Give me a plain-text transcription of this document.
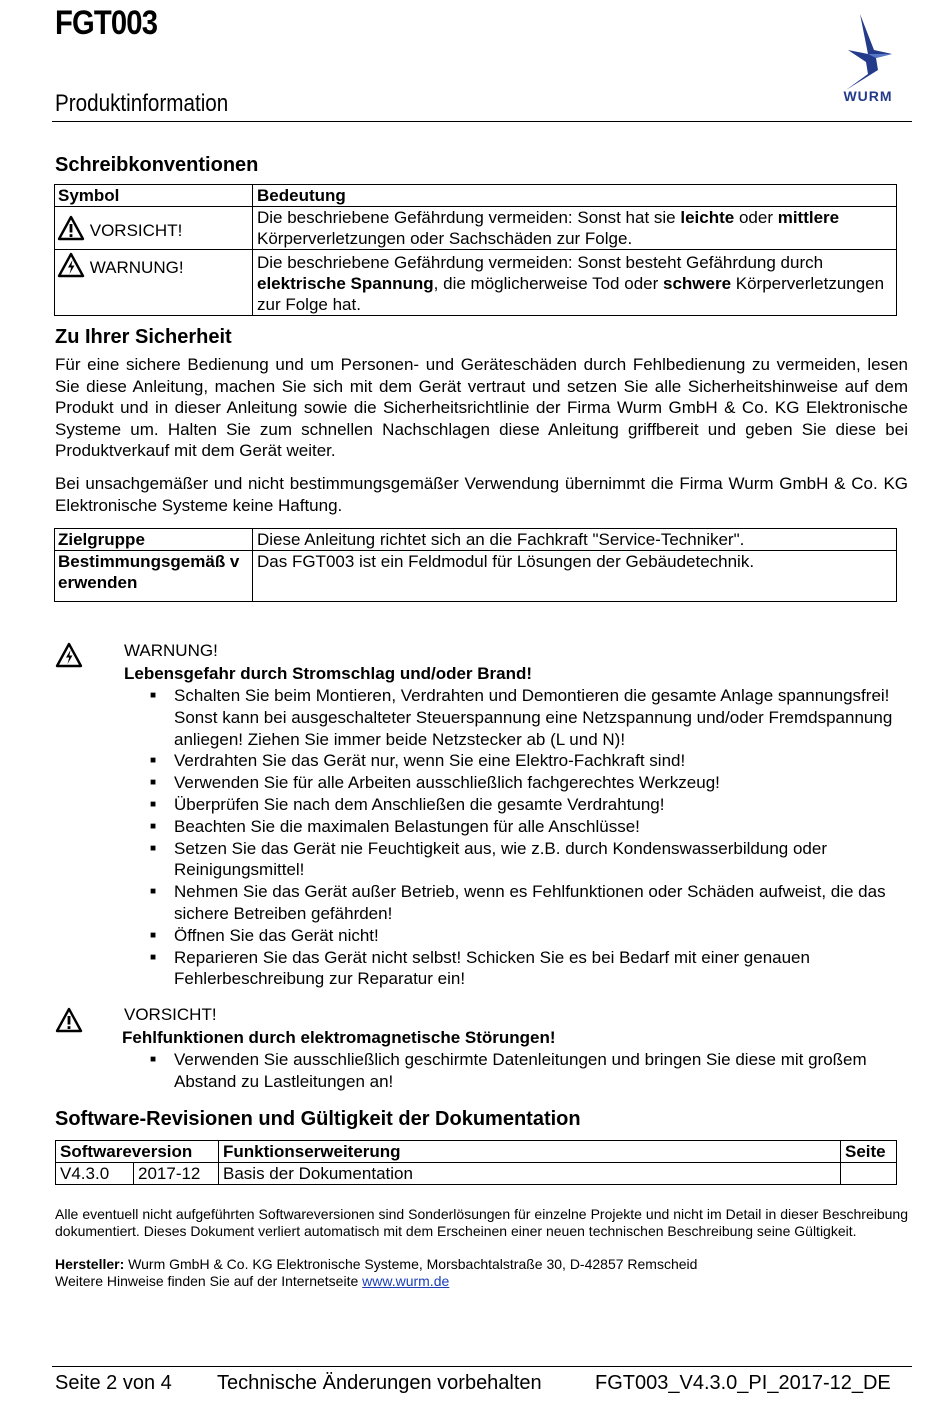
FGT003
Produktinformation	WURM
Schreibkonventionen
Symbol	Bedeutung
VORSICHT!	Die beschriebene Gefährdung vermeiden: Sonst hat sie leichte oder mittlere Körperverletzungen oder Sachschäden zur Folge.
WARNUNG!	Die beschriebene Gefährdung vermeiden: Sonst besteht Gefährdung durch elektrische Spannung, die möglicherweise Tod oder schwere Körperverletzungen zur Folge hat.
Zu Ihrer Sicherheit

Für eine sichere Bedienung und um Personen- und Geräteschäden durch Fehlbedienung zu vermeiden, lesen Sie diese Anleitung, machen Sie sich mit dem Gerät vertraut und setzen Sie alle Sicherheitshinweise auf dem Produkt und in dieser Anleitung sowie die Sicherheitsrichtlinie der Firma Wurm GmbH & Co. KG Elektronische Systeme um. Halten Sie zum schnellen Nachschlagen diese Anleitung griffbereit und geben Sie diese bei Produktverkauf mit dem Gerät weiter.

Bei unsachgemäßer und nicht bestimmungsgemäßer Verwendung übernimmt die Firma Wurm GmbH & Co. KG Elektronische Systeme keine Haftung.

Zielgruppe	Diese Anleitung richtet sich an die Fachkraft "Service-Techniker".
Bestimmungsgemäß verwenden	Das FGT003 ist ein Feldmodul für Lösungen der Gebäudetechnik.
WARNUNG!
Lebensgefahr durch Stromschlag und/oder Brand!
■ Schalten Sie beim Montieren, Verdrahten und Demontieren die gesamte Anlage spannungsfrei! Sonst kann bei ausgeschalteter Steuerspannung eine Netzspannung und/oder Fremdspannung anliegen! Ziehen Sie immer beide Netzstecker ab (L und N)!
■ Verdrahten Sie das Gerät nur, wenn Sie eine Elektro-Fachkraft sind!
■ Verwenden Sie für alle Arbeiten ausschließlich fachgerechtes Werkzeug!
■ Überprüfen Sie nach dem Anschließen die gesamte Verdrahtung!
■ Beachten Sie die maximalen Belastungen für alle Anschlüsse!
■ Setzen Sie das Gerät nie Feuchtigkeit aus, wie z.B. durch Kondenswasserbildung oder Reinigungsmittel!
■ Nehmen Sie das Gerät außer Betrieb, wenn es Fehlfunktionen oder Schäden aufweist, die das sichere Betreiben gefährden!
■ Öffnen Sie das Gerät nicht!
■ Reparieren Sie das Gerät nicht selbst! Schicken Sie es bei Bedarf mit einer genauen Fehlerbeschreibung zur Reparatur ein!
VORSICHT!
Fehlfunktionen durch elektromagnetische Störungen!
■ Verwenden Sie ausschließlich geschirmte Datenleitungen und bringen Sie diese mit großem Abstand zu Lastleitungen an!
Software-Revisionen und Gültigkeit der Dokumentation
Softwareversion		Funktionserweiterung	Seite
V4.3.0	2017-12	Basis der Dokumentation	

Alle eventuell nicht aufgeführten Softwareversionen sind Sonderlösungen für einzelne Projekte und nicht im Detail in dieser Beschreibung dokumentiert. Dieses Dokument verliert automatisch mit dem Erscheinen einer neuen technischen Beschreibung seine Gültigkeit.

Hersteller: Wurm GmbH & Co. KG Elektronische Systeme, Morsbachtalstraße 30, D-42857 Remscheid

Weitere Hinweise finden Sie auf der Internetseite www.wurm.de

Seite 2 von 4 Technische Änderungen vorbehalten	FGT003_V4.3.0_PI_2017-12_DE
